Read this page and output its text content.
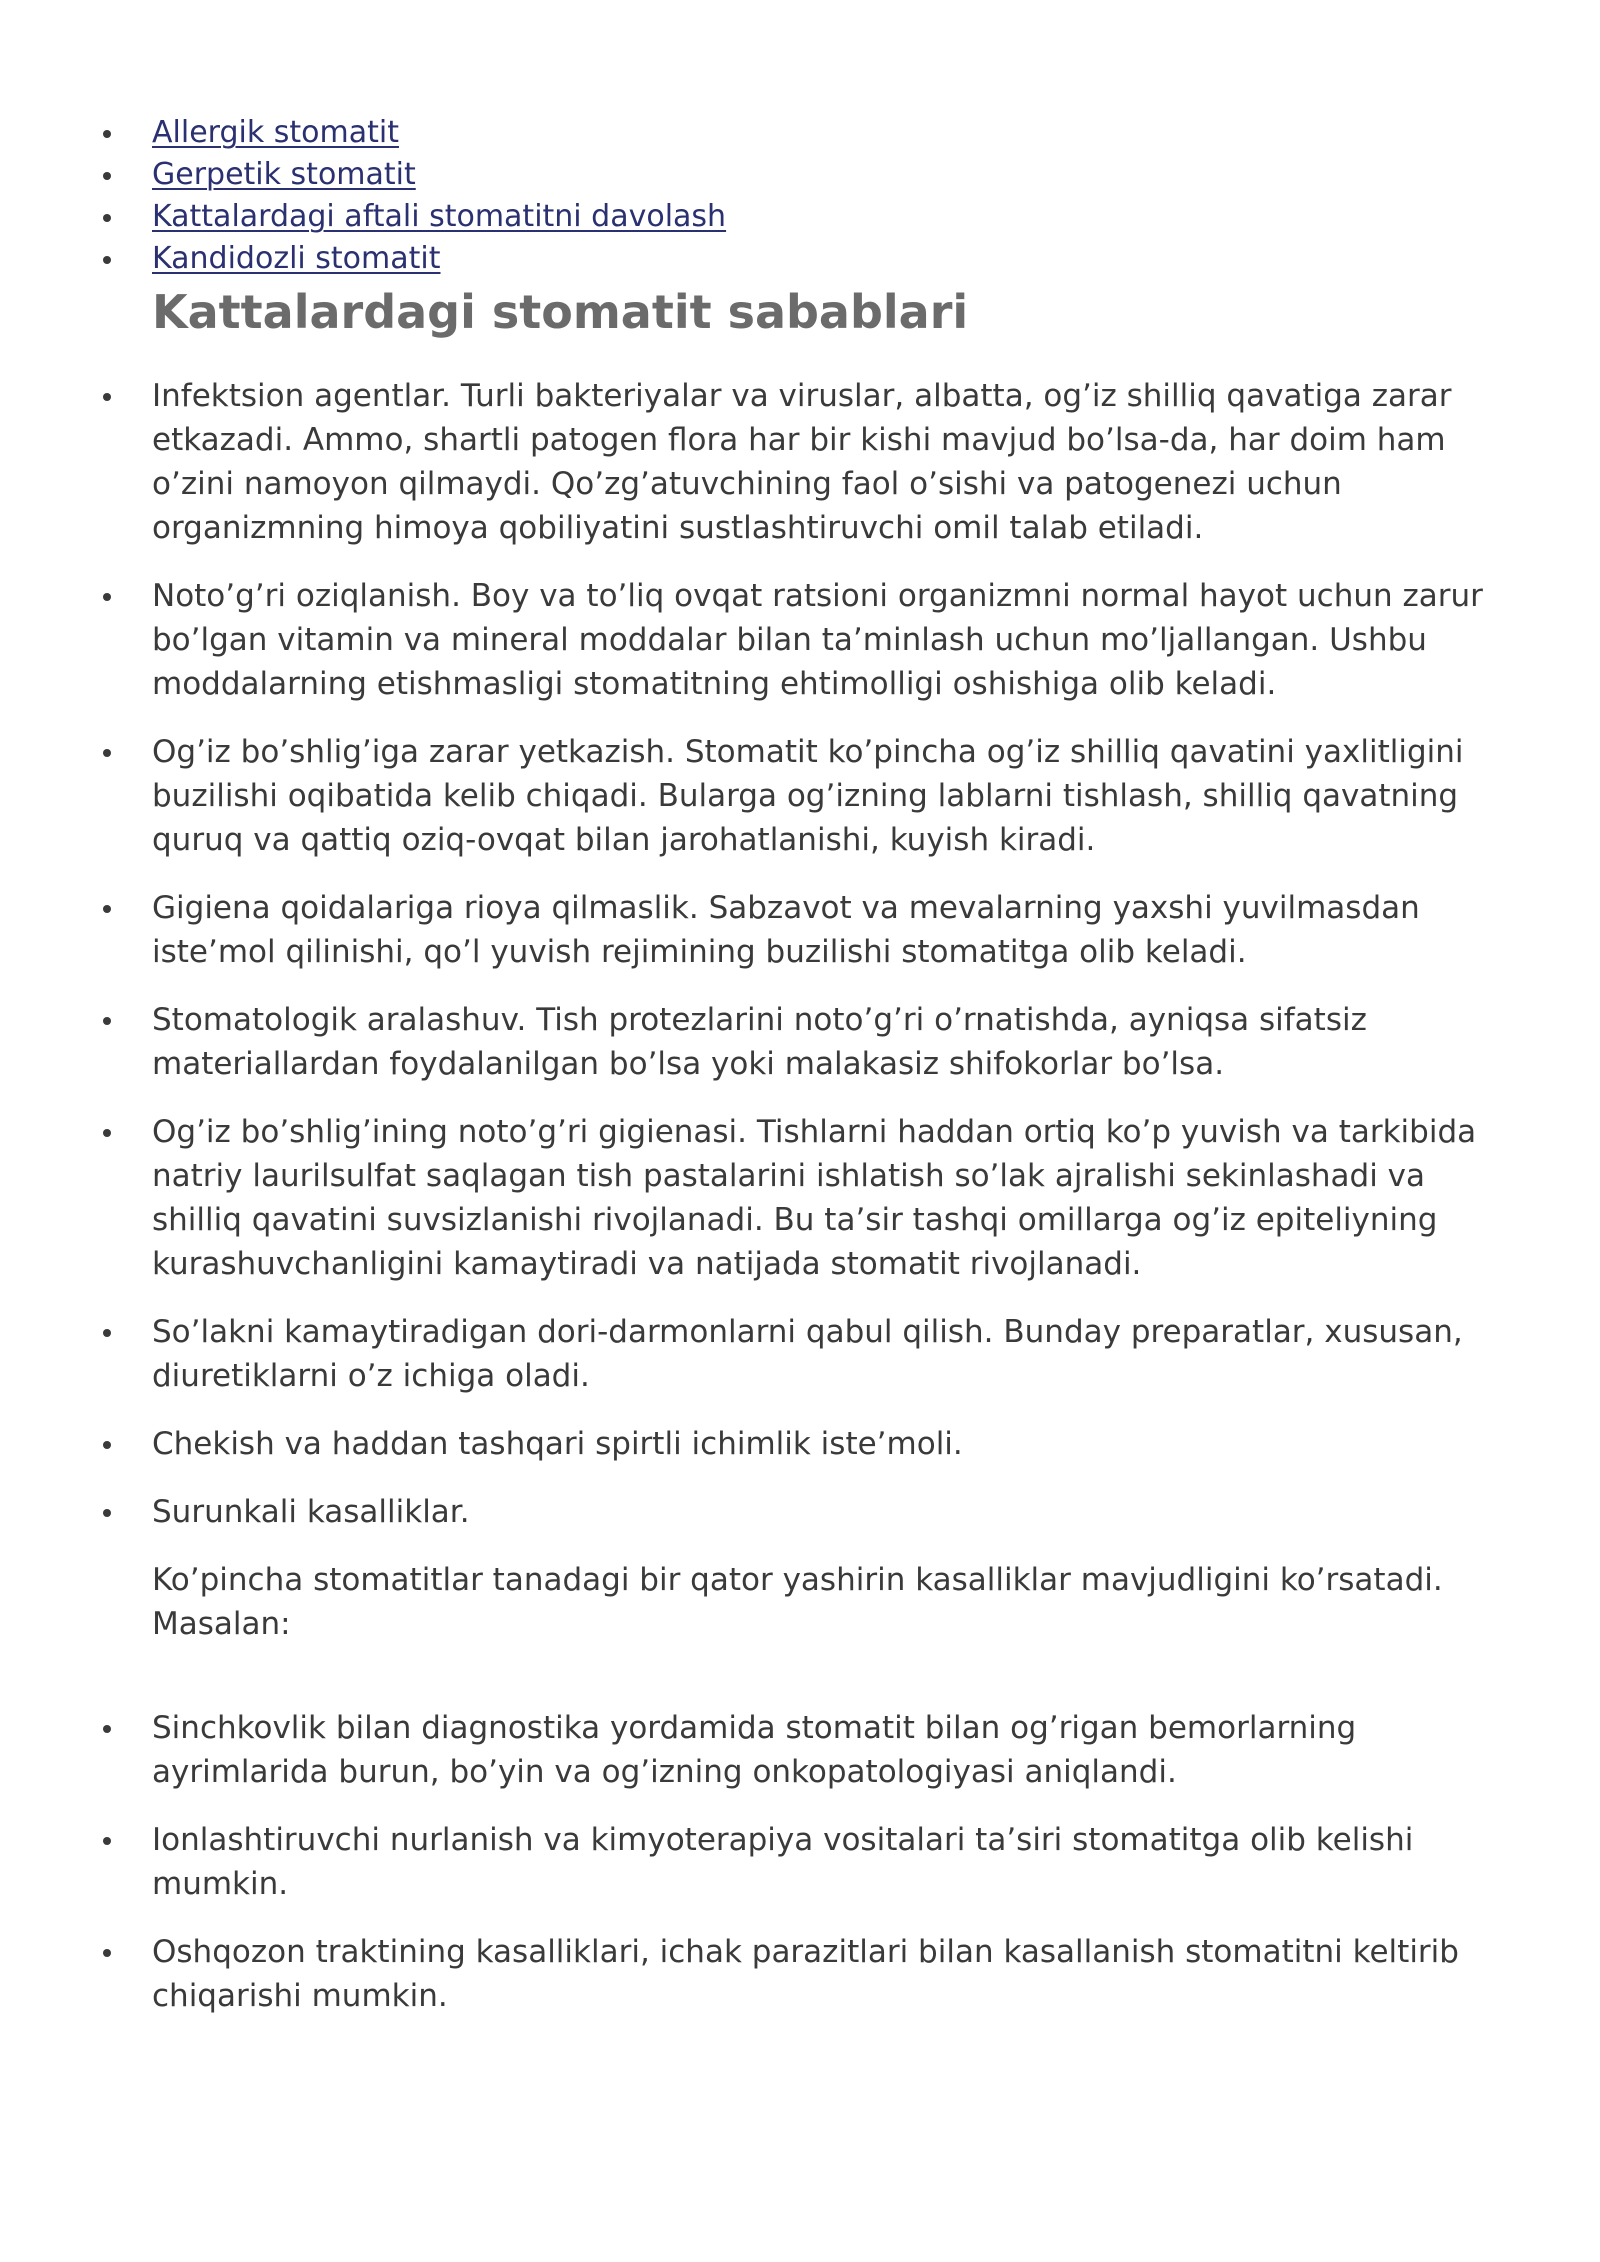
Allergik stomatit
Gerpetik stomatit
Kattalardagi aftali stomatitni davolash
Kandidozli stomatit
Kattalardagi stomatit sabablari
Infektsion agentlar. Turli bakteriyalar va viruslar, albatta, og’iz shilliq qavatiga zarar etkazadi. Ammo, shartli patogen flora har bir kishi mavjud bo’lsa-da, har doim ham o’zini namoyon qilmaydi. Qo’zg’atuvchining faol o’sishi va patogenezi uchun organizmning himoya qobiliyatini sustlashtiruvchi omil talab etiladi.
Noto’g’ri oziqlanish. Boy va to’liq ovqat ratsioni organizmni normal hayot uchun zarur bo’lgan vitamin va mineral moddalar bilan ta’minlash uchun mo’ljallangan. Ushbu moddalarning etishmasligi stomatitning ehtimolligi oshishiga olib keladi.
Og’iz bo’shlig’iga zarar yetkazish. Stomatit ko’pincha og’iz shilliq qavatini yaxlitligini buzilishi oqibatida kelib chiqadi. Bularga og’izning lablarni tishlash, shilliq qavatning quruq va qattiq oziq-ovqat bilan jarohatlanishi, kuyish kiradi.
Gigiena qoidalariga rioya qilmaslik. Sabzavot va mevalarning yaxshi yuvilmasdan iste’mol qilinishi, qo’l yuvish rejimining buzilishi stomatitga olib keladi.
Stomatologik aralashuv. Tish protezlarini noto’g’ri o’rnatishda, ayniqsa sifatsiz materiallardan foydalanilgan bo’lsa yoki malakasiz shifokorlar bo’lsa.
Og’iz bo’shlig’ining noto’g’ri gigienasi. Tishlarni haddan ortiq ko’p yuvish va tarkibida natriy laurilsulfat saqlagan tish pastalarini ishlatish so’lak ajralishi sekinlashadi va shilliq qavatini suvsizlanishi rivojlanadi. Bu ta’sir tashqi omillarga og’iz epiteliyning kurashuvchanligini kamaytiradi va natijada stomatit rivojlanadi.
So’lakni kamaytiradigan dori-darmonlarni qabul qilish. Bunday preparatlar, xususan, diuretiklarni o’z ichiga oladi.
Chekish va haddan tashqari spirtli ichimlik iste’moli.
Surunkali kasalliklar.

Ko’pincha stomatitlar tanadagi bir qator yashirin kasalliklar mavjudligini ko’rsatadi. Masalan:

Sinchkovlik bilan diagnostika yordamida stomatit bilan og’rigan bemorlarning ayrimlarida burun, bo’yin va og’izning onkopatologiyasi aniqlandi.
Ionlashtiruvchi nurlanish va kimyoterapiya vositalari ta’siri stomatitga olib kelishi mumkin.
Oshqozon traktining kasalliklari, ichak parazitlari bilan kasallanish stomatitni keltirib chiqarishi mumkin.
